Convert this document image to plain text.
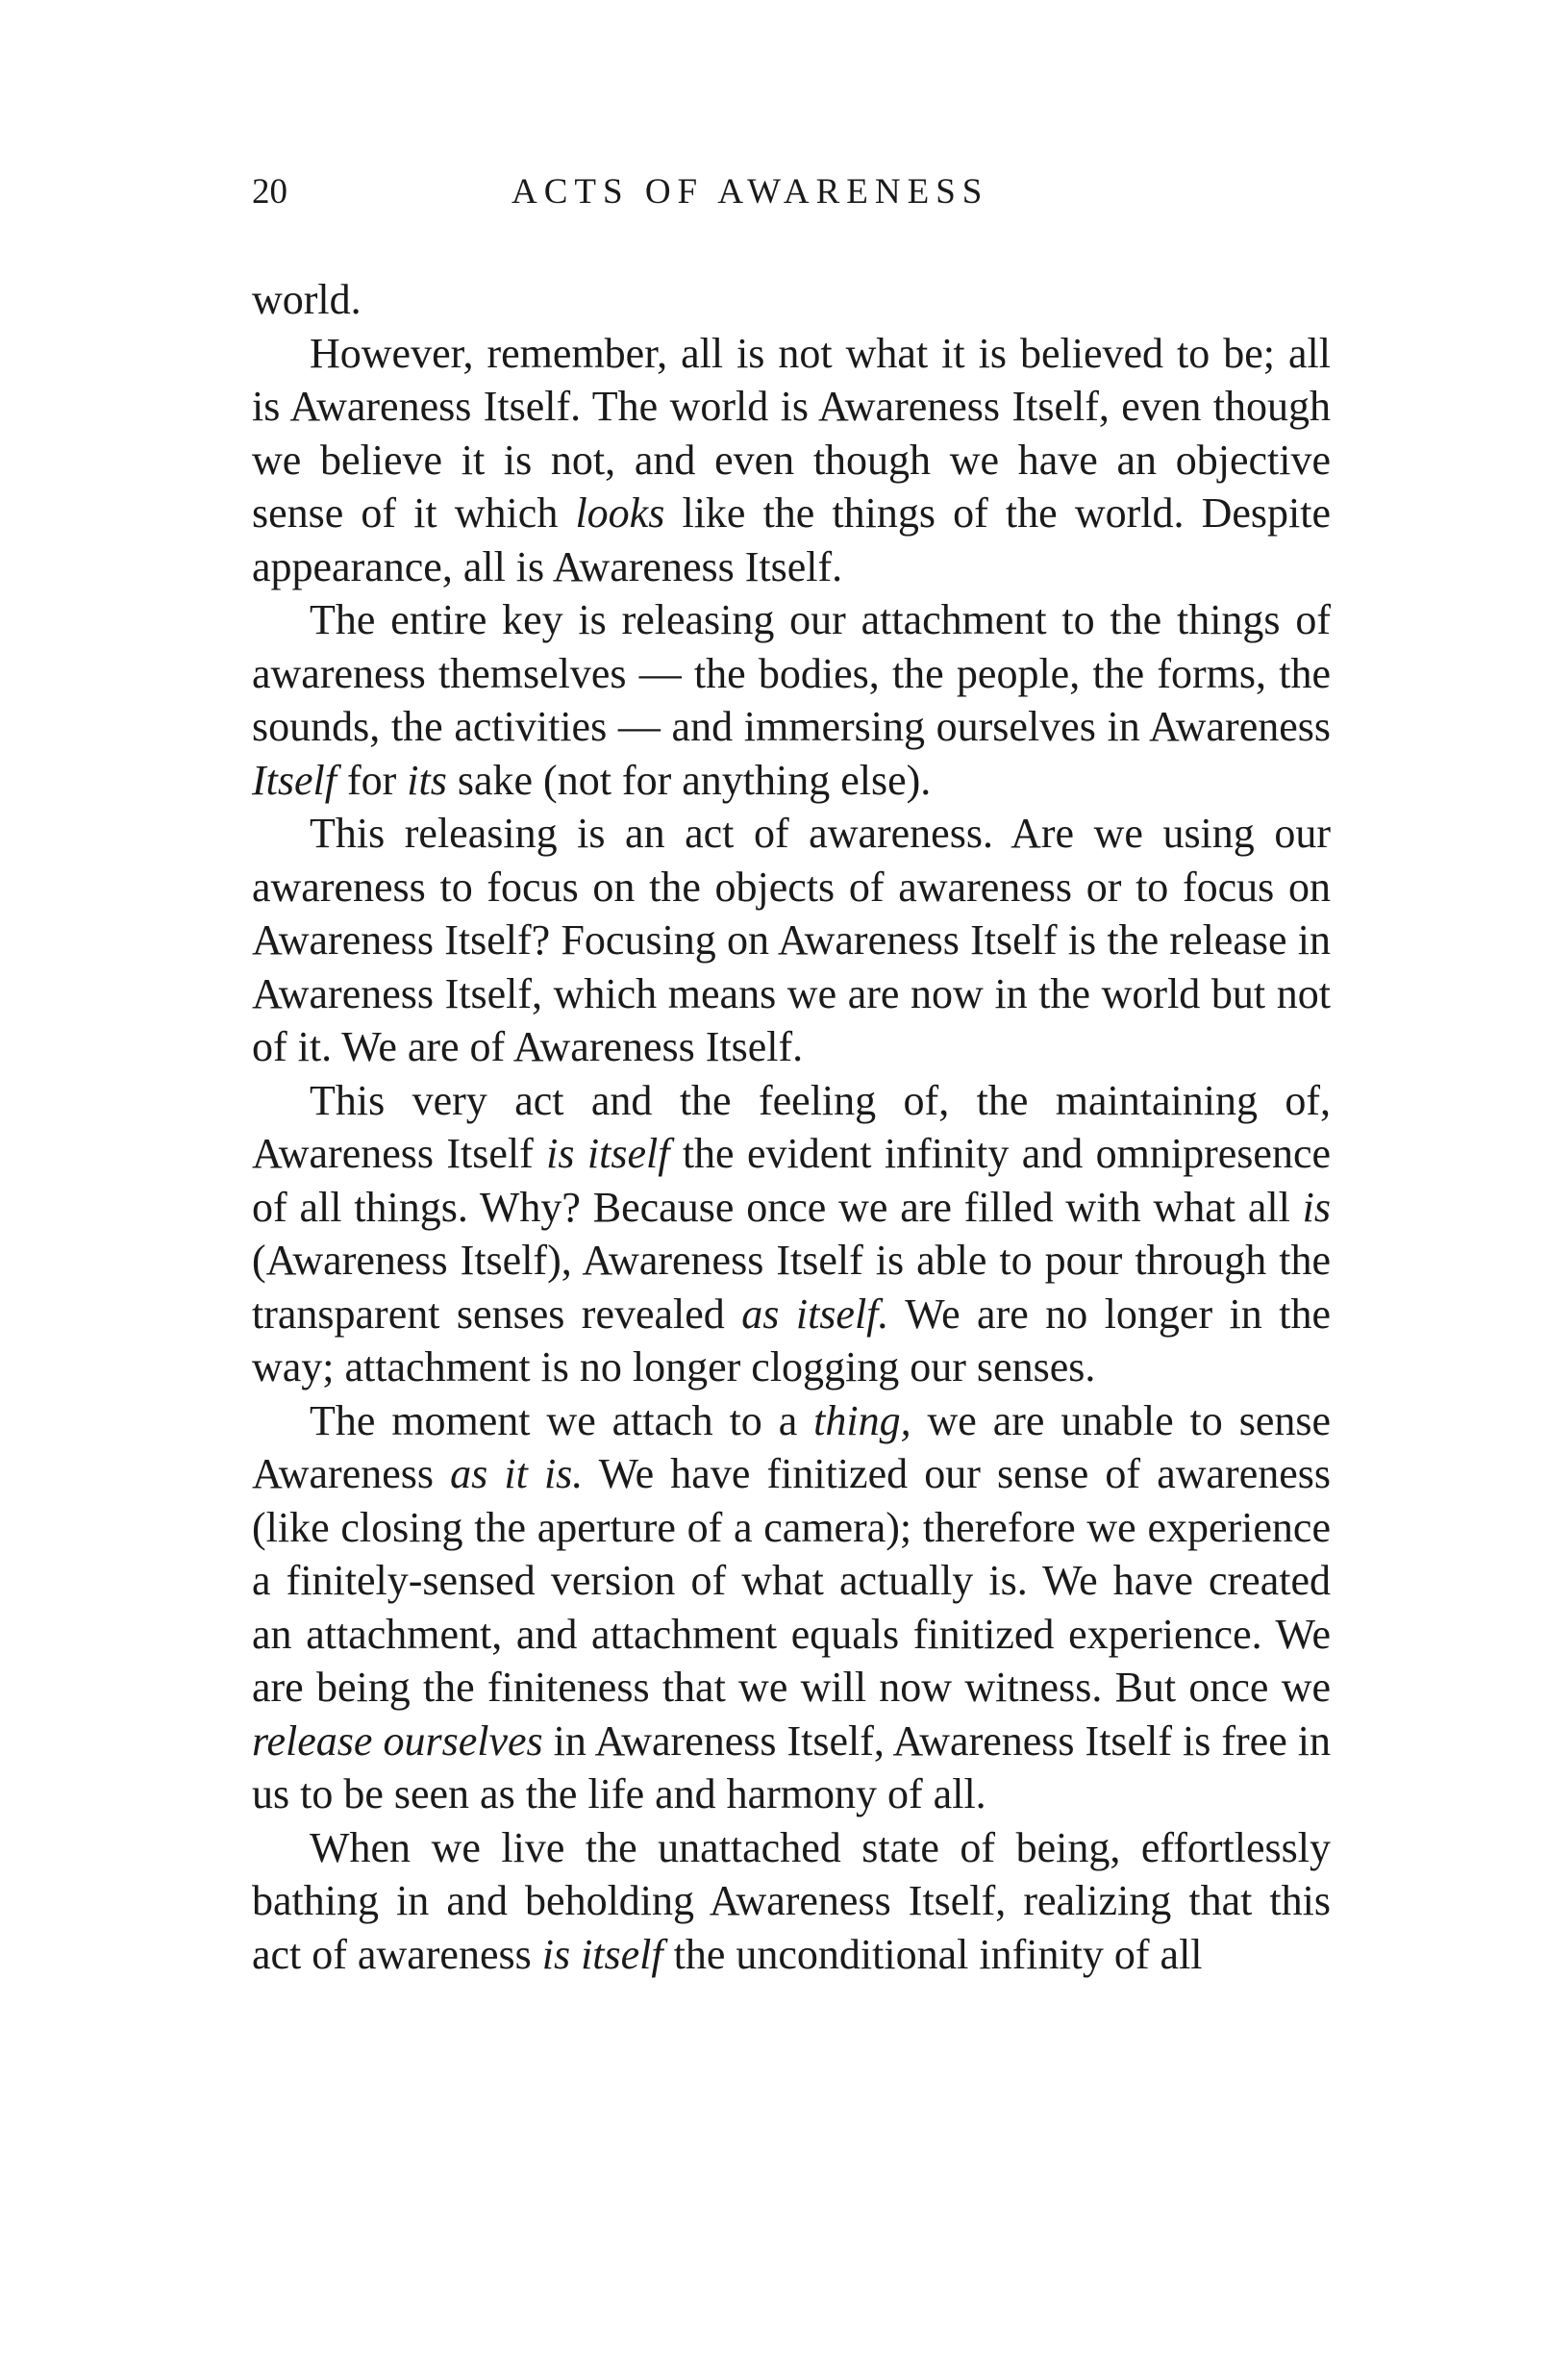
20	ACTS OF AWARENESS

world.

However, remember, all is not what it is believed to be; all is Awareness Itself. The world is Awareness Itself, even though we believe it is not, and even though we have an objective sense of it which looks like the things of the world. Despite appearance, all is Awareness Itself.

The entire key is releasing our attachment to the things of awareness themselves — the bodies, the people, the forms, the sounds, the activities — and immersing ourselves in Awareness Itself for its sake (not for anything else).

This releasing is an act of awareness. Are we using our awareness to focus on the objects of awareness or to focus on Awareness Itself? Focusing on Awareness Itself is the release in Awareness Itself, which means we are now in the world but not of it. We are of Awareness Itself.

This very act and the feeling of, the maintaining of, Awareness Itself is itself the evident infinity and omnipresence of all things. Why? Because once we are filled with what all is (Awareness Itself), Awareness Itself is able to pour through the transparent senses revealed as itself. We are no longer in the way; attachment is no longer clogging our senses.

The moment we attach to a thing, we are unable to sense Awareness as it is. We have finitized our sense of awareness (like closing the aperture of a camera); therefore we experience a finitely-sensed version of what actually is. We have created an attachment, and attachment equals finitized experience. We are being the finiteness that we will now witness. But once we release ourselves in Awareness Itself, Awareness Itself is free in us to be seen as the life and harmony of all.

When we live the unattached state of being, effortlessly bathing in and beholding Awareness Itself, realizing that this act of awareness is itself the unconditional infinity of all
